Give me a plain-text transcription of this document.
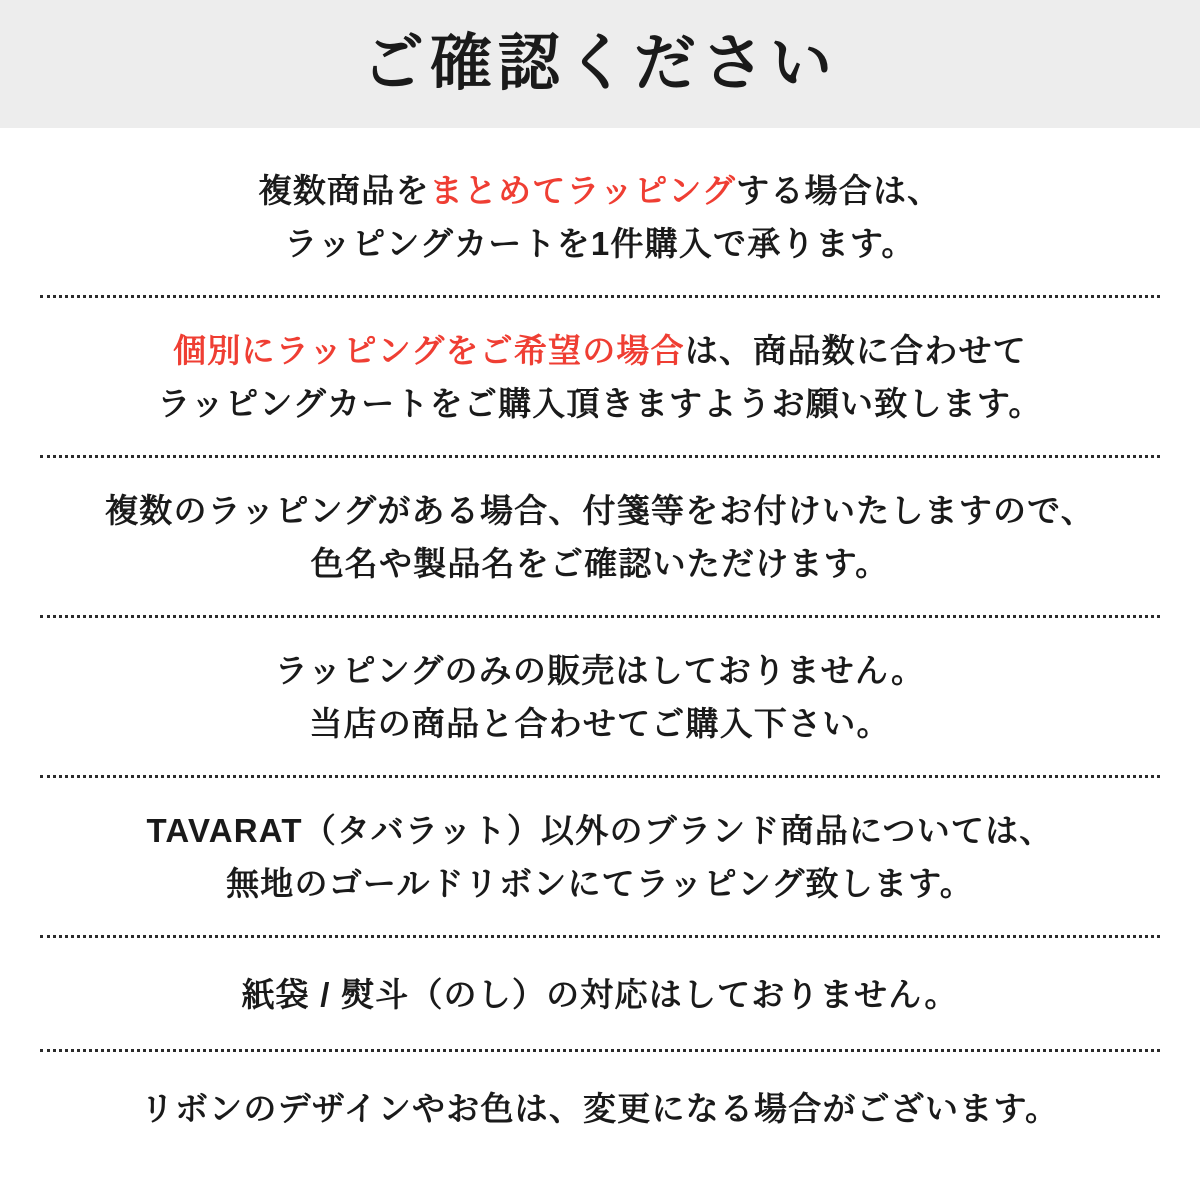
ご確認ください
複数商品をまとめてラッピングする場合は、
ラッピングカートを1件購入で承ります。
個別にラッピングをご希望の場合は、商品数に合わせて
ラッピングカートをご購入頂きますようお願い致します。
複数のラッピングがある場合、付箋等をお付けいたしますので、
色名や製品名をご確認いただけます。
ラッピングのみの販売はしておりません。
当店の商品と合わせてご購入下さい。
TAVARAT（タバラット）以外のブランド商品については、
無地のゴールドリボンにてラッピング致します。
紙袋 / 熨斗（のし）の対応はしておりません。
リボンのデザインやお色は、変更になる場合がございます。
